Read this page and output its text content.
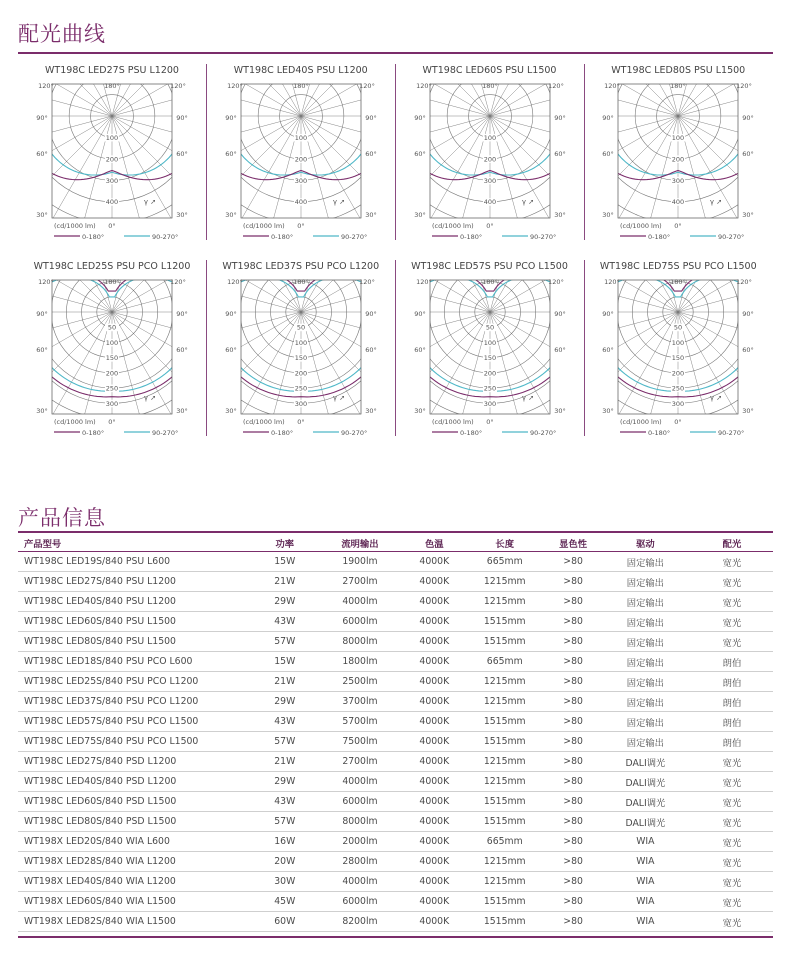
配光曲线
WT198C LED27S PSU L1200
100
200
300
400
120°	120°
180°
90°	90°
60°	60°
30°	30°
γ ➚
(cd/1000 lm) 0°
0-180°	90-270°
WT198C LED40S PSU L1200
100
200
300
400
120°	120°
180°
90°	90°
60°	60°
30°	30°
γ ➚
(cd/1000 lm) 0°
0-180°	90-270°
WT198C LED60S PSU L1500
100
200
300
400
120°	120°
180°
90°	90°
60°	60°
30°	30°
γ ➚
(cd/1000 lm) 0°
0-180°	90-270°
WT198C LED80S PSU L1500
100
200
300
400
120°	120°
180°
90°	90°
60°	60°
30°	30°
γ ➚
(cd/1000 lm) 0°
0-180°	90-270°
WT198C LED25S PSU PCO L1200
50
100
150
200
250
300
120°	120°
180°
90°	90°
60°	60°
30°	30°
γ ➚
(cd/1000 lm) 0°
0-180°	90-270°
WT198C LED37S PSU PCO L1200
50
100
150
200
250
300
120°	120°
180°
90°	90°
60°	60°
30°	30°
γ ➚
(cd/1000 lm) 0°
0-180°	90-270°
WT198C LED57S PSU PCO L1500
50
100
150
200
250
300
120°	120°
180°
90°	90°
60°	60°
30°	30°
γ ➚
(cd/1000 lm) 0°
0-180°	90-270°
WT198C LED75S PSU PCO L1500
50
100
150
200
250
300
120°	120°
180°
90°	90°
60°	60°
30°	30°
γ ➚
(cd/1000 lm) 0°
0-180°	90-270°
产品信息
产品型号	功率	流明输出	色温	长度	显色性	驱动	配光
WT198C LED19S/840 PSU L600	15W	1900lm	4000K	665mm	>80	固定输出	宽光
WT198C LED27S/840 PSU L1200	21W	2700lm	4000K	1215mm	>80	固定输出	宽光
WT198C LED40S/840 PSU L1200	29W	4000lm	4000K	1215mm	>80	固定输出	宽光
WT198C LED60S/840 PSU L1500	43W	6000lm	4000K	1515mm	>80	固定输出	宽光
WT198C LED80S/840 PSU L1500	57W	8000lm	4000K	1515mm	>80	固定输出	宽光
WT198C LED18S/840 PSU PCO L600	15W	1800lm	4000K	665mm	>80	固定输出	朗伯
WT198C LED25S/840 PSU PCO L1200	21W	2500lm	4000K	1215mm	>80	固定输出	朗伯
WT198C LED37S/840 PSU PCO L1200	29W	3700lm	4000K	1215mm	>80	固定输出	朗伯
WT198C LED57S/840 PSU PCO L1500	43W	5700lm	4000K	1515mm	>80	固定输出	朗伯
WT198C LED75S/840 PSU PCO L1500	57W	7500lm	4000K	1515mm	>80	固定输出	朗伯
WT198C LED27S/840 PSD L1200	21W	2700lm	4000K	1215mm	>80	DALI调光	宽光
WT198C LED40S/840 PSD L1200	29W	4000lm	4000K	1215mm	>80	DALI调光	宽光
WT198C LED60S/840 PSD L1500	43W	6000lm	4000K	1515mm	>80	DALI调光	宽光
WT198C LED80S/840 PSD L1500	57W	8000lm	4000K	1515mm	>80	DALI调光	宽光
WT198X LED20S/840 WIA L600	16W	2000lm	4000K	665mm	>80	WIA	宽光
WT198X LED28S/840 WIA L1200	20W	2800lm	4000K	1215mm	>80	WIA	宽光
WT198X LED40S/840 WIA L1200	30W	4000lm	4000K	1215mm	>80	WIA	宽光
WT198X LED60S/840 WIA L1500	45W	6000lm	4000K	1515mm	>80	WIA	宽光
WT198X LED82S/840 WIA L1500	60W	8200lm	4000K	1515mm	>80	WIA	宽光
